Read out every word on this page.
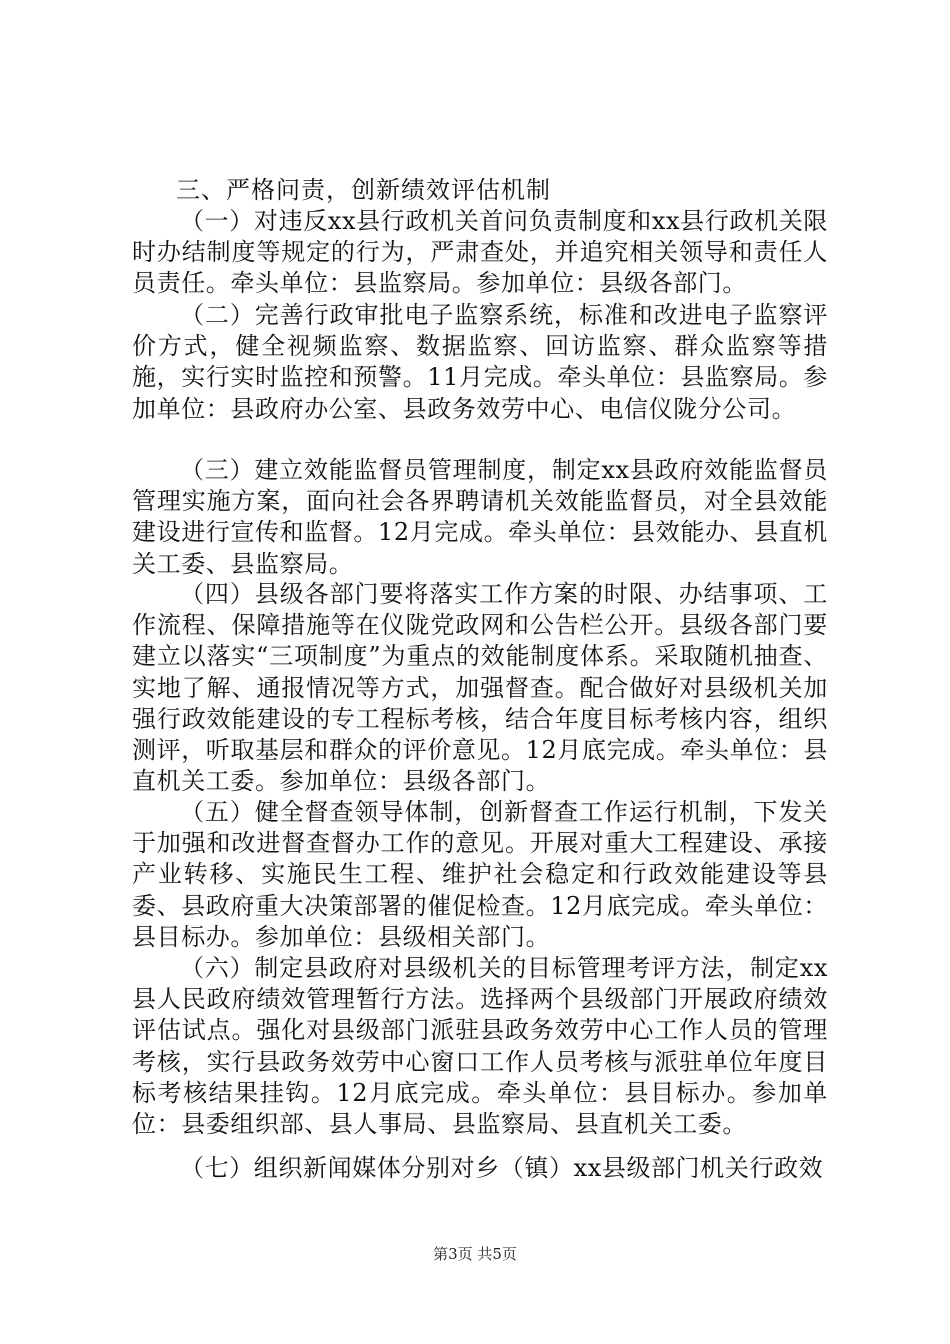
三、严格问责，创新绩效评估机制
（一）对违反xx县行政机关首问负责制度和xx县行政机关限时办结制度等规定的行为，严肃查处，并追究相关领导和责任人员责任。牵头单位：县监察局。参加单位：县级各部门。
（二）完善行政审批电子监察系统，标准和改进电子监察评价方式，健全视频监察、数据监察、回访监察、群众监察等措施，实行实时监控和预警。11月完成。牵头单位：县监察局。参加单位：县政府办公室、县政务效劳中心、电信仪陇分公司。
（三）建立效能监督员管理制度，制定xx县政府效能监督员管理实施方案，面向社会各界聘请机关效能监督员，对全县效能建设进行宣传和监督。12月完成。牵头单位：县效能办、县直机关工委、县监察局。
（四）县级各部门要将落实工作方案的时限、办结事项、工作流程、保障措施等在仪陇党政网和公告栏公开。县级各部门要建立以落实“三项制度”为重点的效能制度体系。采取随机抽查、实地了解、通报情况等方式，加强督查。配合做好对县级机关加强行政效能建设的专工程标考核，结合年度目标考核内容，组织测评，听取基层和群众的评价意见。12月底完成。牵头单位：县直机关工委。参加单位：县级各部门。
（五）健全督查领导体制，创新督查工作运行机制，下发关于加强和改进督查督办工作的意见。开展对重大工程建设、承接产业转移、实施民生工程、维护社会稳定和行政效能建设等县委、县政府重大决策部署的催促检查。12月底完成。牵头单位：县目标办。参加单位：县级相关部门。
（六）制定县政府对县级机关的目标管理考评方法，制定xx县人民政府绩效管理暂行方法。选择两个县级部门开展政府绩效评估试点。强化对县级部门派驻县政务效劳中心工作人员的管理考核，实行县政务效劳中心窗口工作人员考核与派驻单位年度目标考核结果挂钩。12月底完成。牵头单位：县目标办。参加单位：县委组织部、县人事局、县监察局、县直机关工委。
（七）组织新闻媒体分别对乡（镇）xx县级部门机关行政效
第3页 共5页
